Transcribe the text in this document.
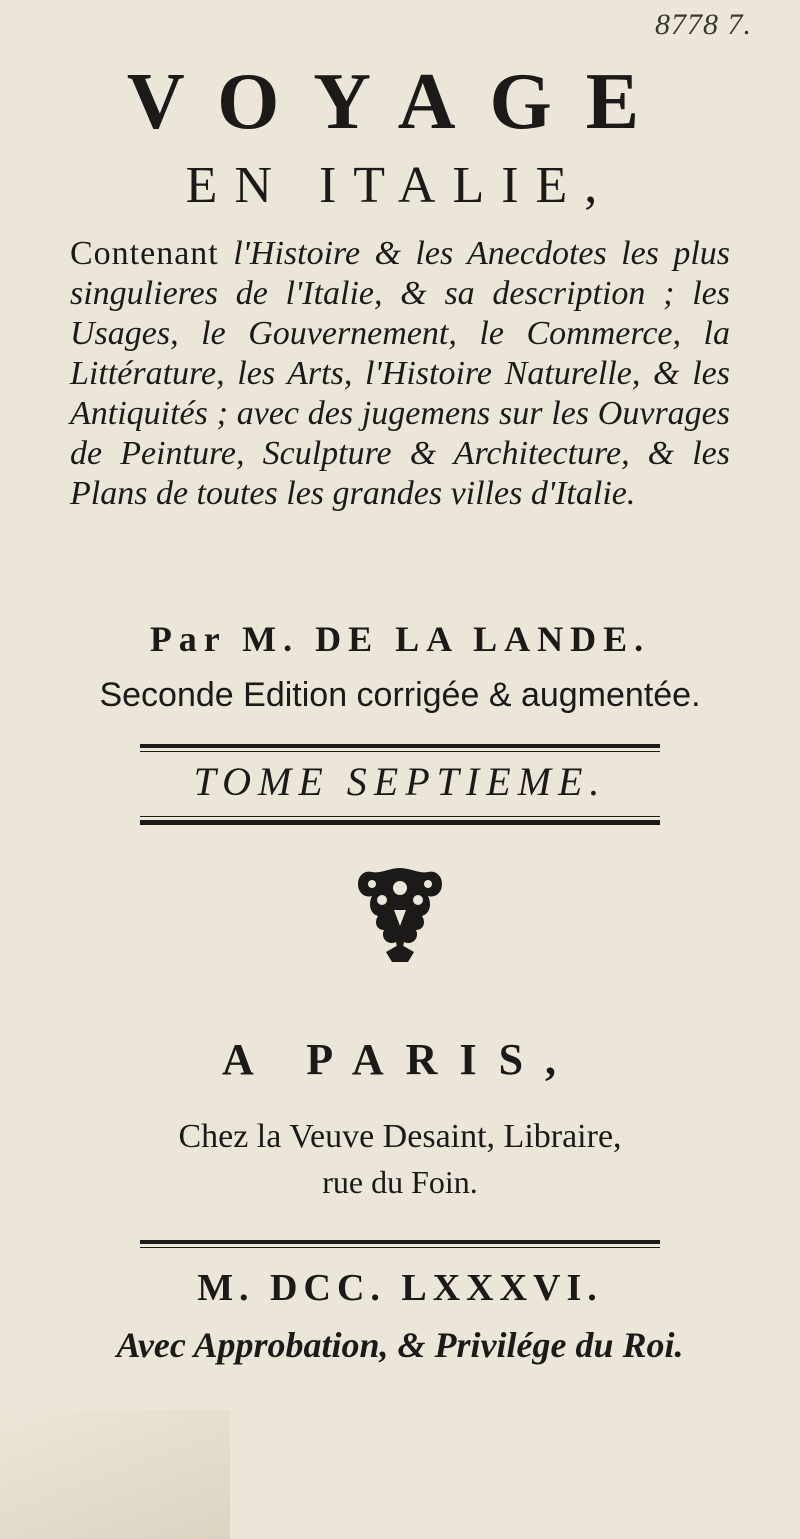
8778 7.
VOYAGE
EN ITALIE,
Contenant l'Histoire & les Anecdotes les plus singulieres de l'Italie, & sa description ; les Usages, le Gouvernement, le Commerce, la Littérature, les Arts, l'Histoire Naturelle, & les Antiquités ; avec des jugemens sur les Ouvrages de Peinture, Sculpture & Architecture, & les Plans de toutes les grandes villes d'Italie.
Par M. DE LA LANDE.
Seconde Edition corrigée & augmentée.
TOME SEPTIEME.
A PARIS,
Chez la Veuve Desaint, Libraire,
rue du Foin.
M. DCC. LXXXVI.
Avec Approbation, & Privilége du Roi.
